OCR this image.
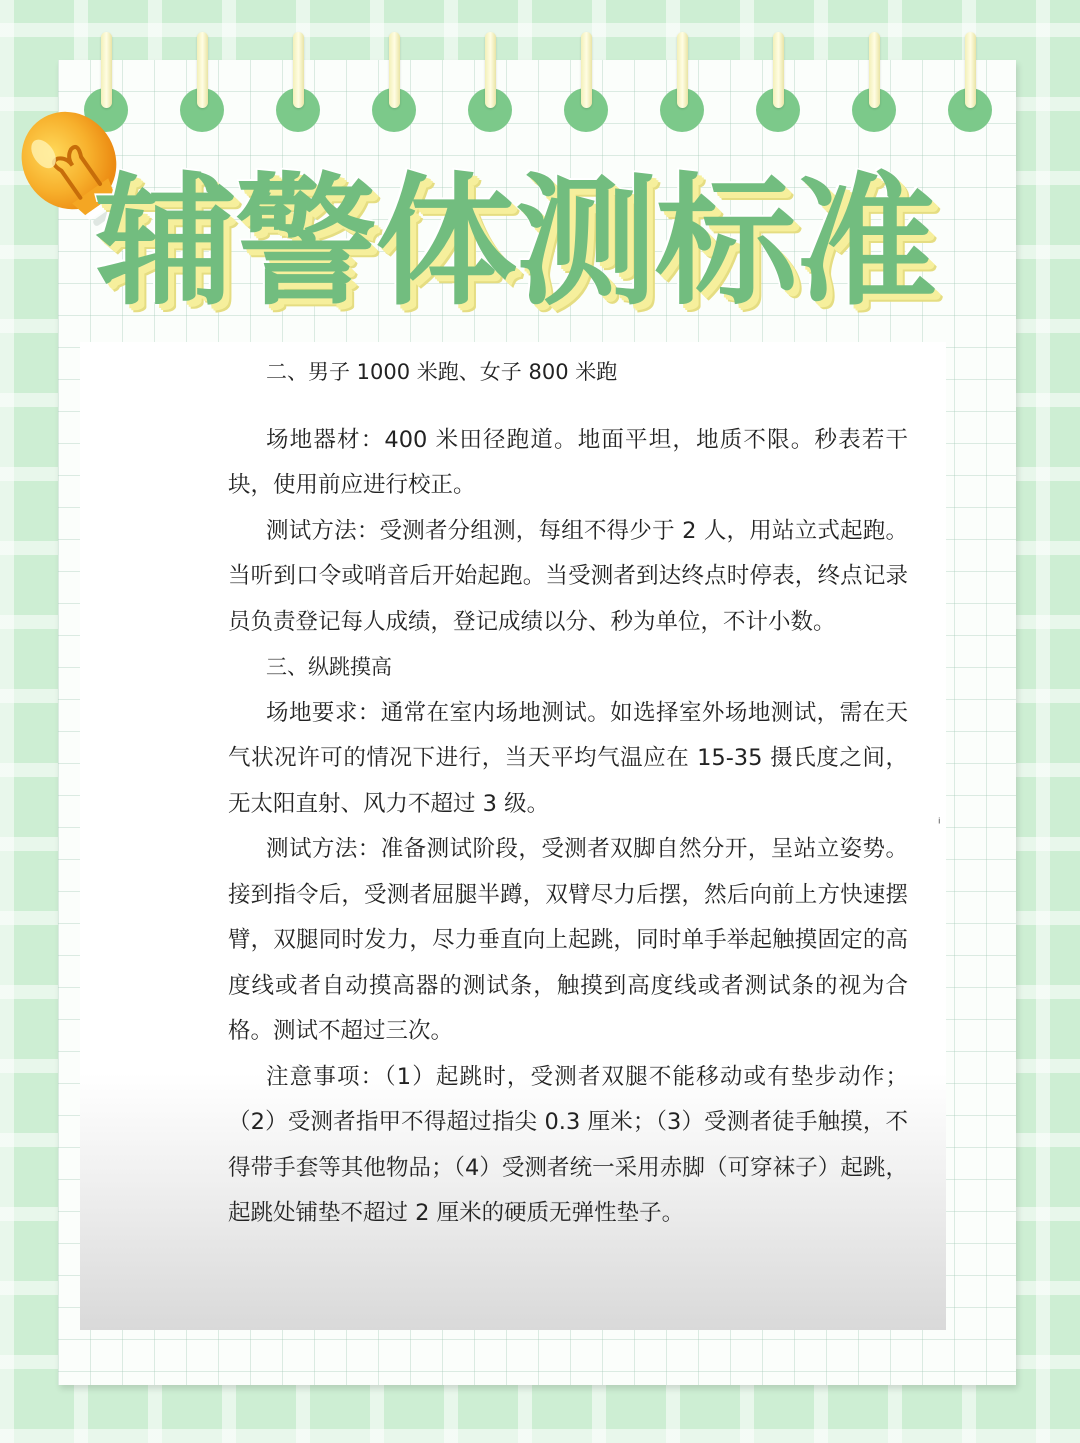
辅警体测标准

二、男子 1000 米跑、女子 800 米跑

场地器材：400 米田径跑道。地面平坦，地质不限。秒表若干块，使用前应进行校正。

测试方法：受测者分组测，每组不得少于 2 人，用站立式起跑。当听到口令或哨音后开始起跑。当受测者到达终点时停表，终点记录员负责登记每人成绩，登记成绩以分、秒为单位，不计小数。

三、纵跳摸高

场地要求：通常在室内场地测试。如选择室外场地测试，需在天气状况许可的情况下进行，当天平均气温应在 15-35 摄氏度之间，无太阳直射、风力不超过 3 级。

测试方法：准备测试阶段，受测者双脚自然分开，呈站立姿势。接到指令后，受测者屈腿半蹲，双臂尽力后摆，然后向前上方快速摆臂，双腿同时发力，尽力垂直向上起跳，同时单手举起触摸固定的高度线或者自动摸高器的测试条，触摸到高度线或者测试条的视为合格。测试不超过三次。

注意事项：（1）起跳时，受测者双腿不能移动或有垫步动作；（2）受测者指甲不得超过指尖 0.3 厘米；（3）受测者徒手触摸，不得带手套等其他物品；（4）受测者统一采用赤脚（可穿袜子）起跳，起跳处铺垫不超过 2 厘米的硬质无弹性垫子。

ⁱ
